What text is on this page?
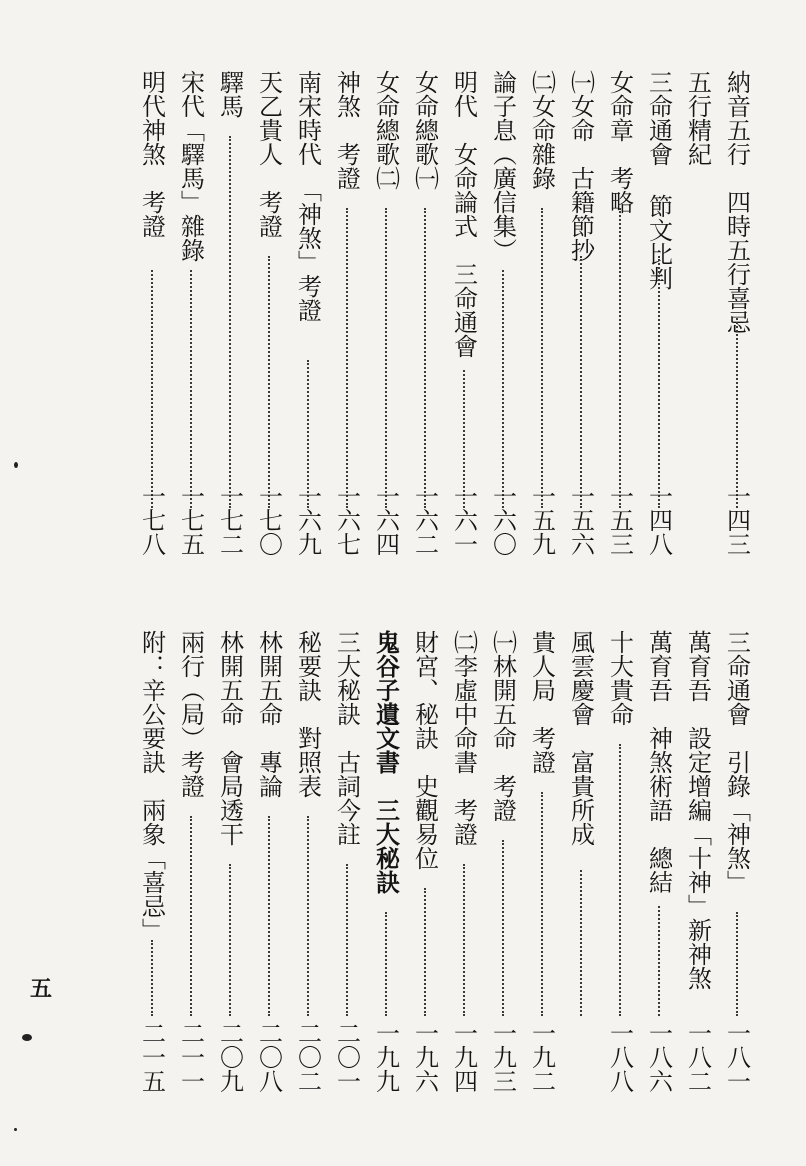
納音五行　四時五行喜忌
一四三
五行精紀
三命通會 節文比判
一四八
女命章　考略
一五三
㈠女命　古籍節抄
一五六
㈡女命雜錄
一五九
論子息（廣信集）
一六〇
明代　女命論式　三命通會
一六一
女命總歌㈠
一六二
女命總歌㈡
一六四
神煞　考證
一六七
南宋時代　「神煞」考證
一六九
天乙貴人　考證
一七〇
驛馬
一七二
宋代「驛馬」雜錄
一七五
明代神煞　考證
一七八
三命通會　引錄「神煞」
一八一
萬育吾　設定增編「十神」新神煞
一八二
萬育吾　神煞術語　總結
一八六
十大貴命
一八八
風雲慶會　富貴所成
貴人局　考證
一九二
㈠林開五命　考證
一九三
㈡李虛中命書　考證
一九四
財宮、秘訣　史觀易位
一九六
鬼谷子遺文書　三大秘訣
一九九
三大秘訣　古詞今註
二〇一
秘要訣　對照表
二〇二
林開五命　專論
二〇八
林開五命　會局透干
二〇九
兩行（局）考證
二一一
附：辛公要訣　兩象「喜忌」
二一五
五
